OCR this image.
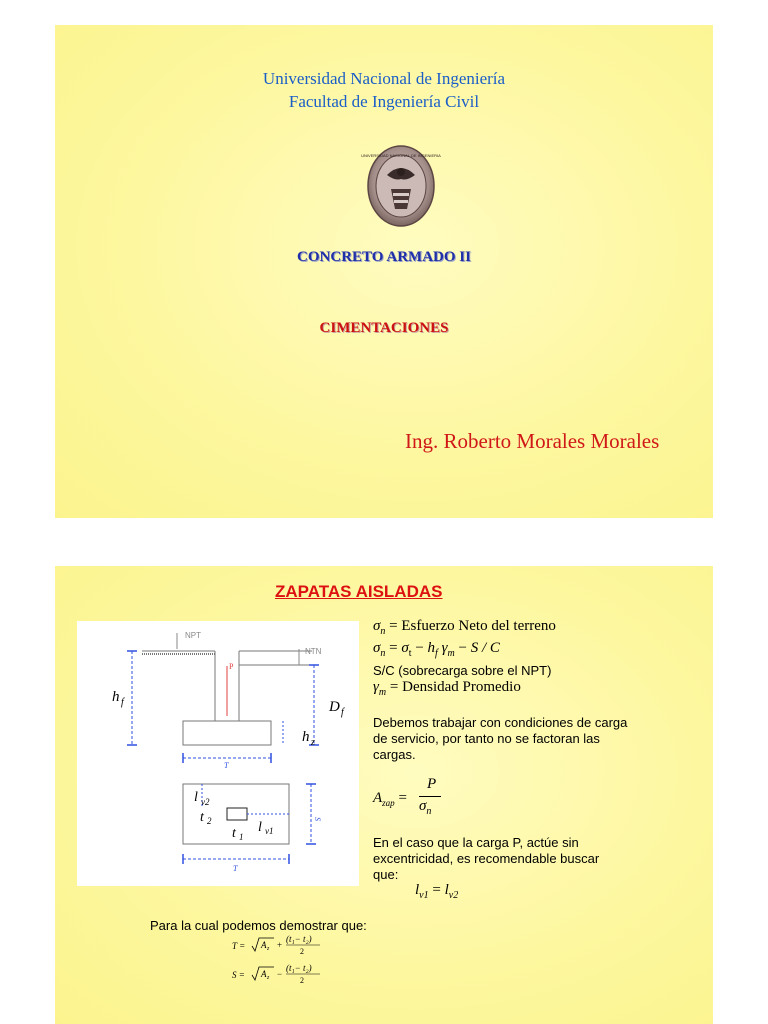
Universidad Nacional de Ingeniería
Facultad de Ingeniería Civil
UNIVERSIDAD NACIONAL DE INGENIERIA
CONCRETO ARMADO II
CIMENTACIONES
Ing. Roberto Morales Morales
ZAPATAS AISLADAS
P
NPT
NTN
h f	D f
h z
T
l v2
t 2
t 1
l v1
S
T
$\sigma_n$ = Esfuerzo Neto del terreno
$\sigma_n = \sigma_t - h_f$ $\gamma_m - S / C$
S/C (sobrecarga sobre el NPT)
$\gamma_m$ = Densidad Promedio
Debemos trabajar con condiciones de carga de servicio, por tanto no se factoran las cargas.
$A_{zap}$ =
P
$\sigma_n$
En el caso que la carga P, actúe sin excentricidad, es recomendable buscar que:
$l_{v1} = l_{v2}$
Para la cual podemos demostrar que:
T = A z +
(t₁− t₂)
2
S = A z −
(t₁− t₂)
2
